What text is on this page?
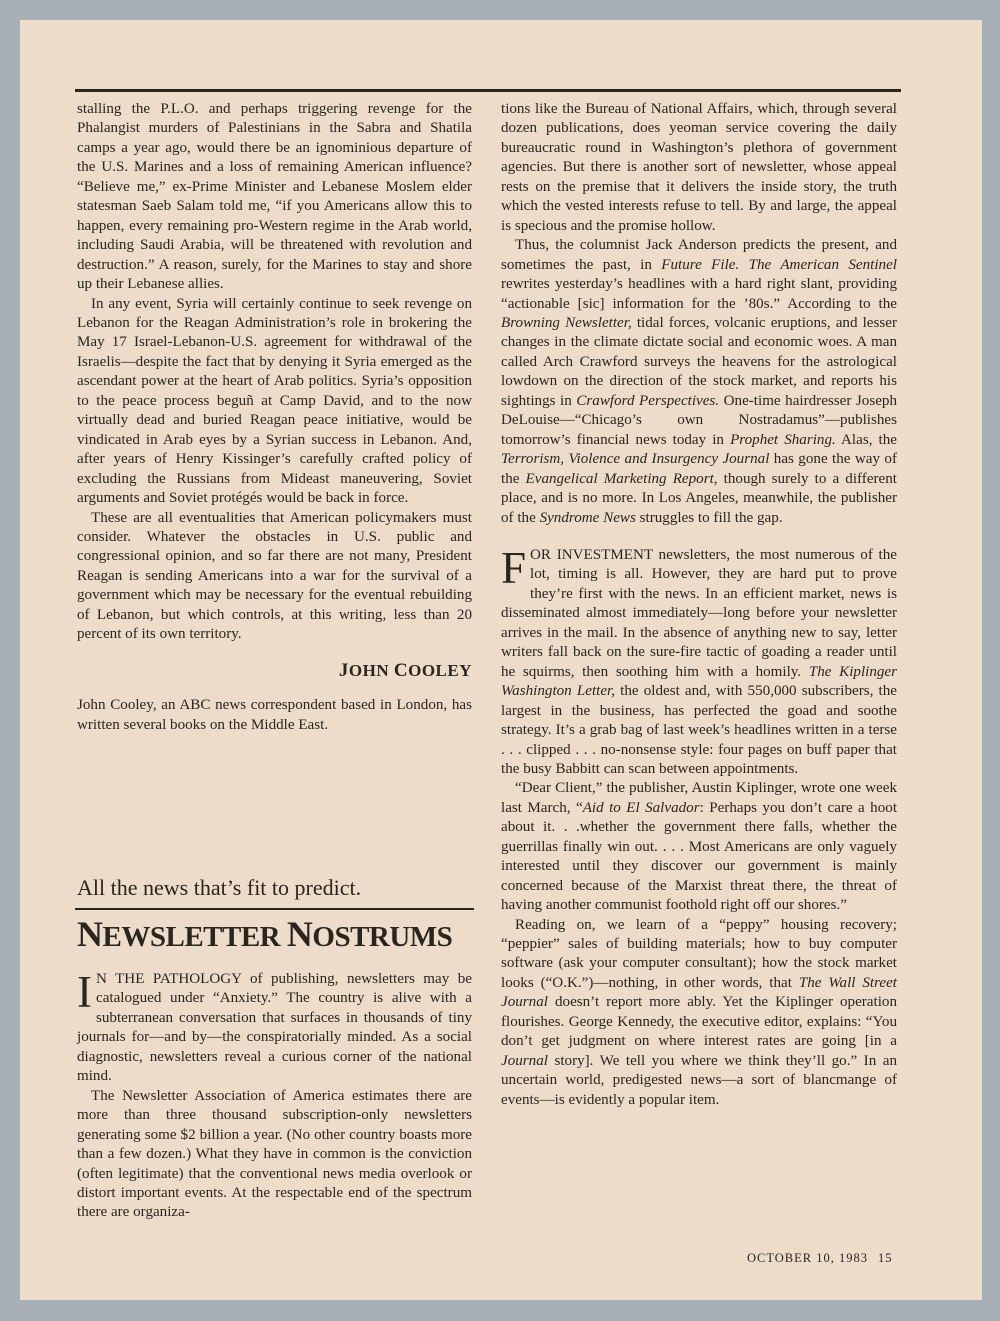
stalling the P.L.O. and perhaps triggering revenge for the Phalangist murders of Palestinians in the Sabra and Shatila camps a year ago, would there be an ignominious departure of the U.S. Marines and a loss of remaining American influence? “Believe me,” ex-Prime Minister and Lebanese Moslem elder statesman Saeb Salam told me, “if you Americans allow this to happen, every remaining pro-Western regime in the Arab world, including Saudi Arabia, will be threatened with revolution and destruction.” A reason, surely, for the Marines to stay and shore up their Lebanese allies.

In any event, Syria will certainly continue to seek revenge on Lebanon for the Reagan Administration’s role in brokering the May 17 Israel-Lebanon-U.S. agreement for withdrawal of the Israelis—despite the fact that by denying it Syria emerged as the ascendant power at the heart of Arab politics. Syria’s opposition to the peace process beguñ at Camp David, and to the now virtually dead and buried Reagan peace initiative, would be vindicated in Arab eyes by a Syrian success in Lebanon. And, after years of Henry Kissinger’s carefully crafted policy of excluding the Russians from Mideast maneuvering, Soviet arguments and Soviet protégés would be back in force.

These are all eventualities that American policymakers must consider. Whatever the obstacles in U.S. public and congressional opinion, and so far there are not many, President Reagan is sending Americans into a war for the survival of a government which may be necessary for the eventual rebuilding of Lebanon, but which controls, at this writing, less than 20 percent of its own territory.

JOHN COOLEY

John Cooley, an ABC news correspondent based in London, has written several books on the Middle East.

All the news that’s fit to predict.
NEWSLETTER NOSTRUMS

I N THE PATHOLOGY of publishing, newsletters may be catalogued under “Anxiety.” The country is alive with a subterranean conversation that surfaces in thousands of tiny journals for—and by—the conspiratorially minded. As a social diagnostic, newsletters reveal a curious corner of the national mind.

The Newsletter Association of America estimates there are more than three thousand subscription-only newsletters generating some $2 billion a year. (No other country boasts more than a few dozen.) What they have in common is the conviction (often legitimate) that the conventional news media overlook or distort important events. At the respectable end of the spectrum there are organiza-

tions like the Bureau of National Affairs, which, through several dozen publications, does yeoman service covering the daily bureaucratic round in Washington’s plethora of government agencies. But there is another sort of newsletter, whose appeal rests on the premise that it delivers the inside story, the truth which the vested interests refuse to tell. By and large, the appeal is specious and the promise hollow.

Thus, the columnist Jack Anderson predicts the present, and sometimes the past, in Future File. The American Sentinel rewrites yesterday’s headlines with a hard right slant, providing “actionable [sic] information for the ’80s.” According to the Browning Newsletter, tidal forces, volcanic eruptions, and lesser changes in the climate dictate social and economic woes. A man called Arch Crawford surveys the heavens for the astrological lowdown on the direction of the stock market, and reports his sightings in Crawford Perspectives. One-time hairdresser Joseph DeLouise—“Chicago’s own Nostradamus”—publishes tomorrow’s financial news today in Prophet Sharing. Alas, the Terrorism, Violence and Insurgency Journal has gone the way of the Evangelical Marketing Report, though surely to a different place, and is no more. In Los Angeles, meanwhile, the publisher of the Syndrome News struggles to fill the gap.

FOR INVESTMENT newsletters, the most numerous of the lot, timing is all. However, they are hard put to prove they’re first with the news. In an efficient market, news is disseminated almost immediately—long before your newsletter arrives in the mail. In the absence of anything new to say, letter writers fall back on the sure-fire tactic of goading a reader until he squirms, then soothing him with a homily. The Kiplinger Washington Letter, the oldest and, with 550,000 subscribers, the largest in the business, has perfected the goad and soothe strategy. It’s a grab bag of last week’s headlines written in a terse . . . clipped . . . no-nonsense style: four pages on buff paper that the busy Babbitt can scan between appointments.

“Dear Client,” the publisher, Austin Kiplinger, wrote one week last March, “Aid to El Salvador: Perhaps you don’t care a hoot about it. . .whether the government there falls, whether the guerrillas finally win out. . . . Most Americans are only vaguely interested until they discover our government is mainly concerned because of the Marxist threat there, the threat of having another communist foothold right off our shores.”

Reading on, we learn of a “peppy” housing recovery; “peppier” sales of building materials; how to buy computer software (ask your computer consultant); how the stock market looks (“O.K.”)—nothing, in other words, that The Wall Street Journal doesn’t report more ably. Yet the Kiplinger operation flourishes. George Kennedy, the executive editor, explains: “You don’t get judgment on where interest rates are going [in a Journal story]. We tell you where we think they’ll go.” In an uncertain world, predigested news—a sort of blancmange of events—is evidently a popular item.

OCTOBER 10, 1983 15
